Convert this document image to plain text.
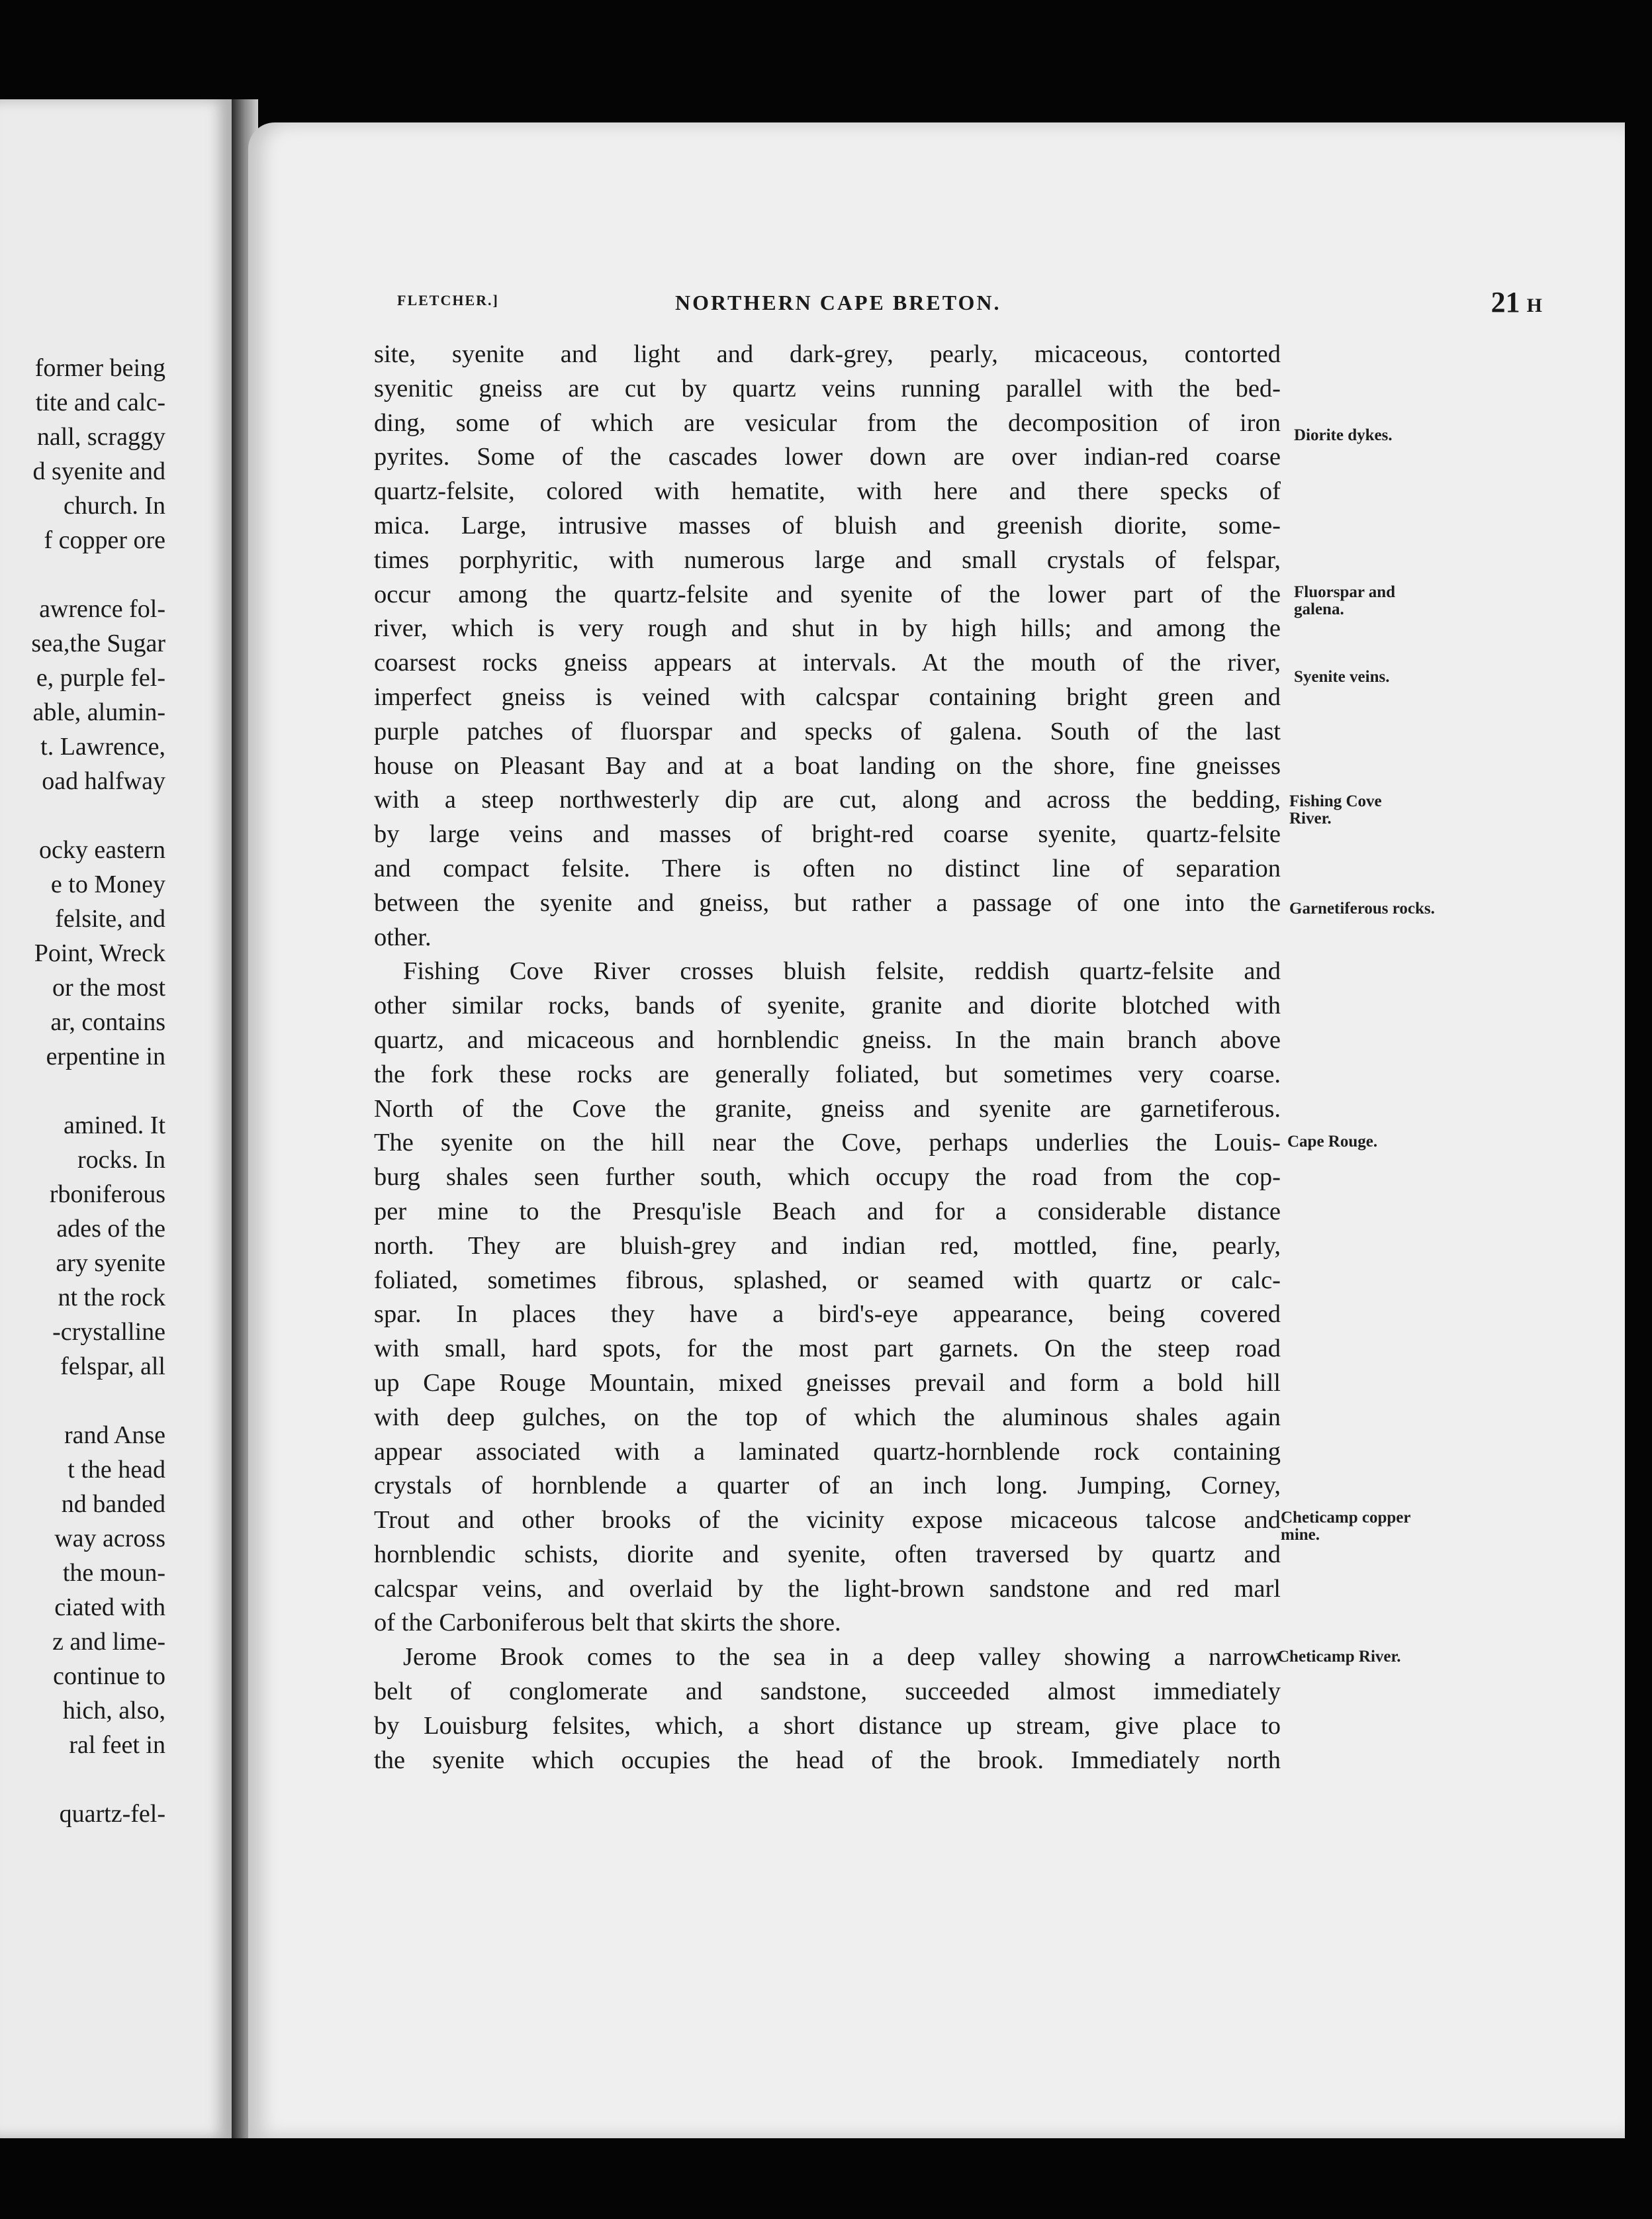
former being
tite and calc-
nall, scraggy
d syenite and
church. In
f copper ore
awrence fol-
sea,the Sugar
e, purple fel-
able, alumin-
t. Lawrence,
oad halfway
ocky eastern
e to Money
felsite, and
Point, Wreck
or the most
ar, contains
erpentine in
amined. It
rocks. In
rboniferous
ades of the
ary syenite
nt the rock
-crystalline
felspar, all
rand Anse
t the head
nd banded
way across
the moun-
ciated with
z and lime-
continue to
hich, also,
ral feet in
quartz-fel-
FLETCHER.]	NORTHERN CAPE BRETON.	21 H
site, syenite and light and dark-grey, pearly, micaceous, contorted
syenitic gneiss are cut by quartz veins running parallel with the bed-
ding, some of which are vesicular from the decomposition of iron
pyrites. Some of the cascades lower down are over indian-red coarse
quartz-felsite, colored with hematite, with here and there specks of
mica. Large, intrusive masses of bluish and greenish diorite, some-
times porphyritic, with numerous large and small crystals of felspar,
occur among the quartz-felsite and syenite of the lower part of the
river, which is very rough and shut in by high hills; and among the
coarsest rocks gneiss appears at intervals. At the mouth of the river,
imperfect gneiss is veined with calcspar containing bright green and
purple patches of fluorspar and specks of galena. South of the last
house on Pleasant Bay and at a boat landing on the shore, fine gneisses
with a steep northwesterly dip are cut, along and across the bedding,
by large veins and masses of bright-red coarse syenite, quartz-felsite
and compact felsite. There is often no distinct line of separation
between the syenite and gneiss, but rather a passage of one into the
other.
Fishing Cove River crosses bluish felsite, reddish quartz-felsite and
other similar rocks, bands of syenite, granite and diorite blotched with
quartz, and micaceous and hornblendic gneiss. In the main branch above
the fork these rocks are generally foliated, but sometimes very coarse.
North of the Cove the granite, gneiss and syenite are garnetiferous.
The syenite on the hill near the Cove, perhaps underlies the Louis-
burg shales seen further south, which occupy the road from the cop-
per mine to the Presqu'isle Beach and for a considerable distance
north. They are bluish-grey and indian red, mottled, fine, pearly,
foliated, sometimes fibrous, splashed, or seamed with quartz or calc-
spar. In places they have a bird's-eye appearance, being covered
with small, hard spots, for the most part garnets. On the steep road
up Cape Rouge Mountain, mixed gneisses prevail and form a bold hill
with deep gulches, on the top of which the aluminous shales again
appear associated with a laminated quartz-hornblende rock containing
crystals of hornblende a quarter of an inch long. Jumping, Corney,
Trout and other brooks of the vicinity expose micaceous talcose and
hornblendic schists, diorite and syenite, often traversed by quartz and
calcspar veins, and overlaid by the light-brown sandstone and red marl
of the Carboniferous belt that skirts the shore.
Jerome Brook comes to the sea in a deep valley showing a narrow
belt of conglomerate and sandstone, succeeded almost immediately
by Louisburg felsites, which, a short distance up stream, give place to
the syenite which occupies the head of the brook. Immediately north
Diorite dykes.
Fluorspar and galena.
Syenite veins.
Fishing Cove River.
Garnetiferous rocks.
Cape Rouge.
Cheticamp copper mine.
Cheticamp River.
